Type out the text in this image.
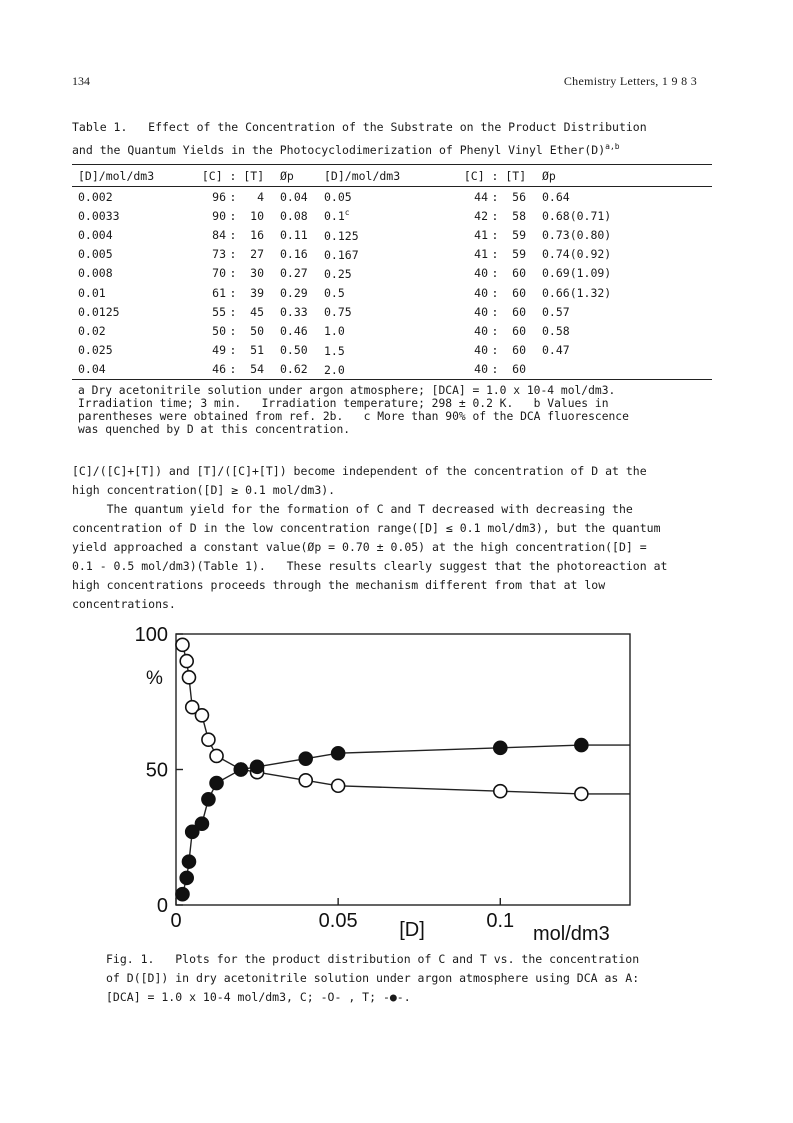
134	Chemistry Letters, 1 9 8 3
Table 1.   Effect of the Concentration of the Substrate on the Product Distribution
and the Quantum Yields in the Photocyclodimerization of Phenyl Vinyl $Ether(D)^{a,b}$
[D]/mol/dm3	[C] : [T]			Øp	[D]/mol/dm3	[C] : [T]			Øp
0.002	96	:	4	0.04	0.05	44	:	56	0.64
0.0033	90	:	10	0.08	0.1$^c$	42	:	58	0.68(0.71)
0.004	84	:	16	0.11	0.125	41	:	59	0.73(0.80)
0.005	73	:	27	0.16	0.167	41	:	59	0.74(0.92)
0.008	70	:	30	0.27	0.25	40	:	60	0.69(1.09)
0.01	61	:	39	0.29	0.5	40	:	60	0.66(1.32)
0.0125	55	:	45	0.33	0.75	40	:	60	0.57
0.02	50	:	50	0.46	1.0	40	:	60	0.58
0.025	49	:	51	0.50	1.5	40	:	60	0.47
0.04	46	:	54	0.62	2.0	40	:	60	
a Dry acetonitrile solution under argon atmosphere; [DCA] = 1.0 x 10-4 mol/dm3.
Irradiation time; 3 min.   Irradiation temperature; 298 ± 0.2 K.   b Values in
parentheses were obtained from ref. 2b.   c More than 90% of the DCA fluorescence
was quenched by D at this concentration.
[C]/([C]+[T]) and [T]/([C]+[T]) become independent of the concentration of D at the
high concentration([D] ≥ 0.1 mol/dm3).
The quantum yield for the formation of C and T decreased with decreasing the
concentration of D in the low concentration range([D] ≤ 0.1 mol/dm3), but the quantum
yield approached a constant value(Øp = 0.70 ± 0.05) at the high concentration([D] =
0.1 - 0.5 mol/dm3)(Table 1).   These results clearly suggest that the photoreaction at
high concentrations proceeds through the mechanism different from that at low
concentrations.
0
50
100
0	0.05	0.1
%
[D]	mol/dm3
Fig. 1.   Plots for the product distribution of C and T vs. the concentration
of D([D]) in dry acetonitrile solution under argon atmosphere using DCA as A:
[DCA] = 1.0 x 10-4 mol/dm3, C; -O- , T; -●-.
